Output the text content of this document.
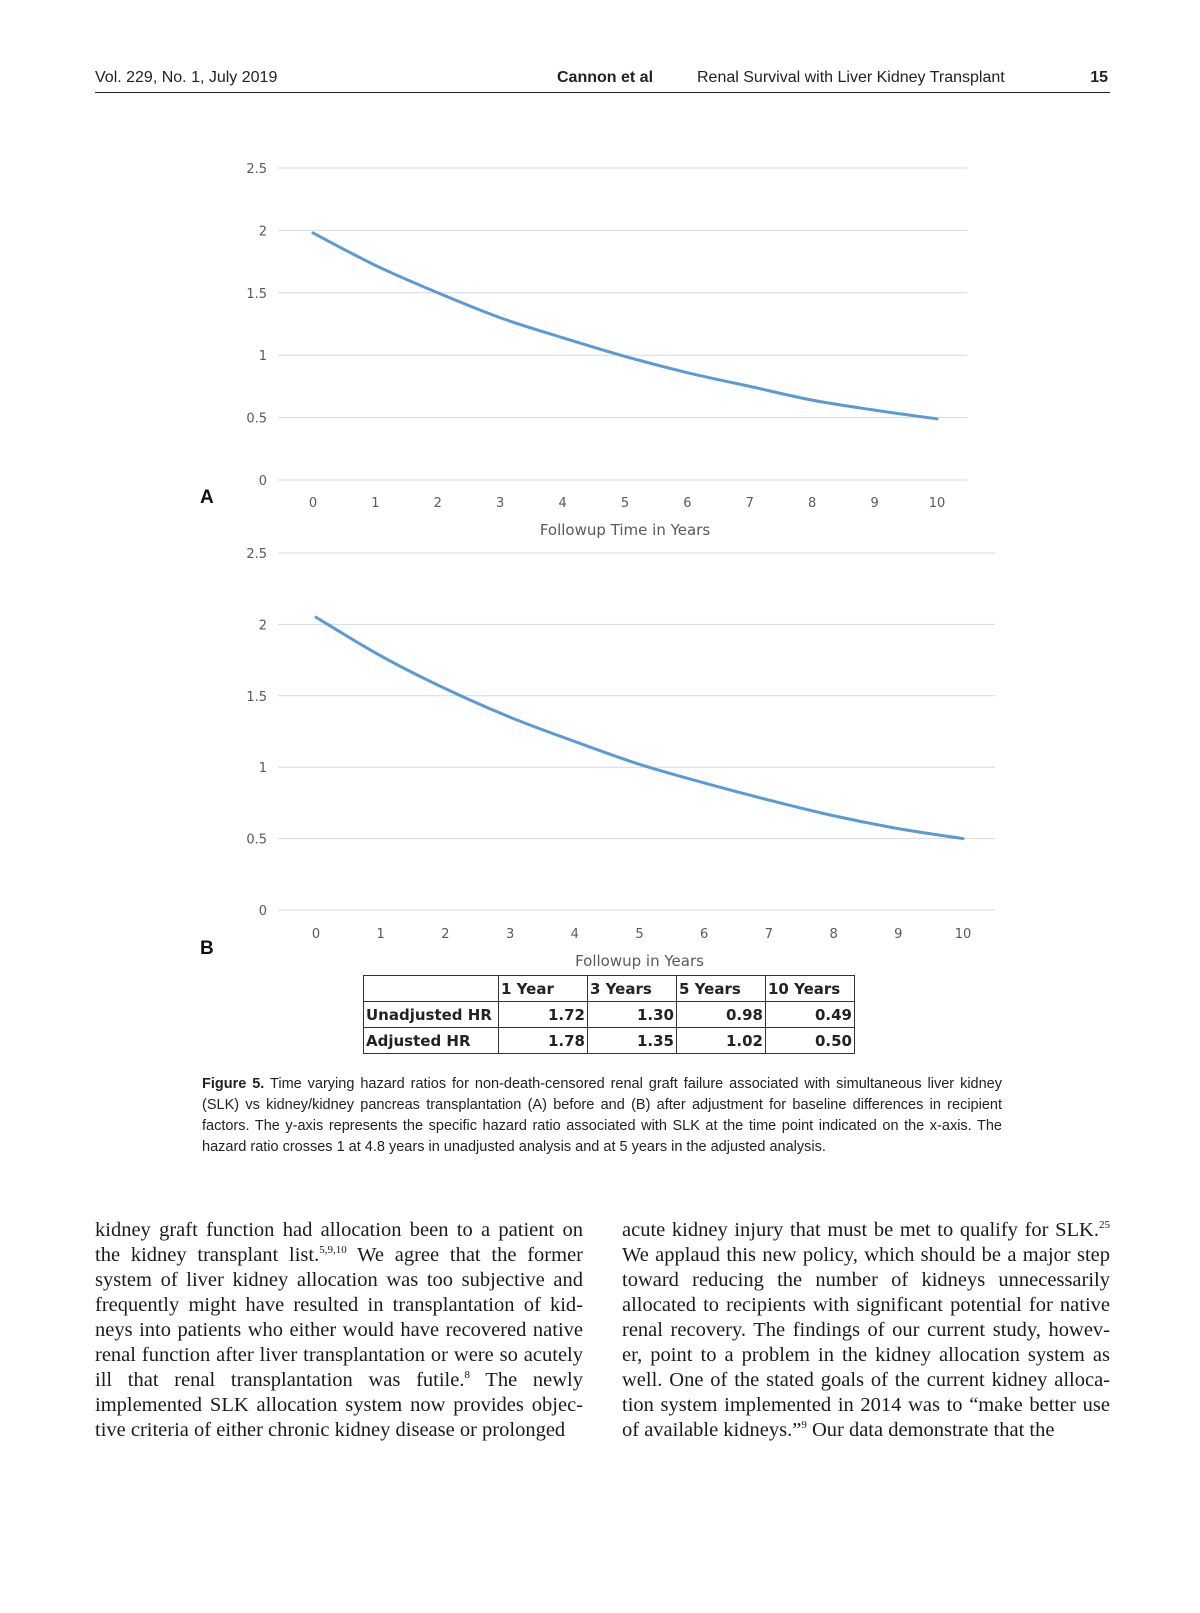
Vol. 229, No. 1, July 2019	Cannon et al	Renal Survival with Liver Kidney Transplant	15
0
0.5
1
1.5
2
2.5
0	1	2	3	4	5	6	7	8	9	10
Followup Time in Years
A
0
0.5
1
1.5
2
2.5
0	1	2	3	4	5	6	7	8	9	10
Followup in Years
B
	1 Year	3 Years	5 Years	10 Years
Unadjusted HR	1.72	1.30	0.98	0.49
Adjusted HR	1.78	1.35	1.02	0.50
Figure 5. Time varying hazard ratios for non-death-censored renal graft failure associated with simultaneous liver kidney (SLK) vs kidney/kidney pancreas transplantation (A) before and (B) after adjustment for baseline differences in recipient factors. The y-axis represents the specific hazard ratio associated with SLK at the time point indicated on the x-axis. The hazard ratio crosses 1 at 4.8 years in unadjusted analysis and at 5 years in the adjusted analysis.

kidney graft function had allocation been to a patient on the kidney transplant list.$^{5,9,10}$ We agree that the former system of liver kidney allocation was too subjective and frequently might have resulted in transplantation of kid-neys into patients who either would have recovered native renal function after liver transplantation or were so acutely ill that renal transplantation was futile.$^8$ The newly implemented SLK allocation system now provides objec-tive criteria of either chronic kidney disease or prolonged

acute kidney injury that must be met to qualify for SLK.$^{25}$ We applaud this new policy, which should be a major step toward reducing the number of kidneys unnecessarily allocated to recipients with significant potential for native renal recovery. The findings of our current study, howev-er, point to a problem in the kidney allocation system as well. One of the stated goals of the current kidney alloca-tion system implemented in 2014 was to “make better use of available kidneys.”$^9$ Our data demonstrate that the
